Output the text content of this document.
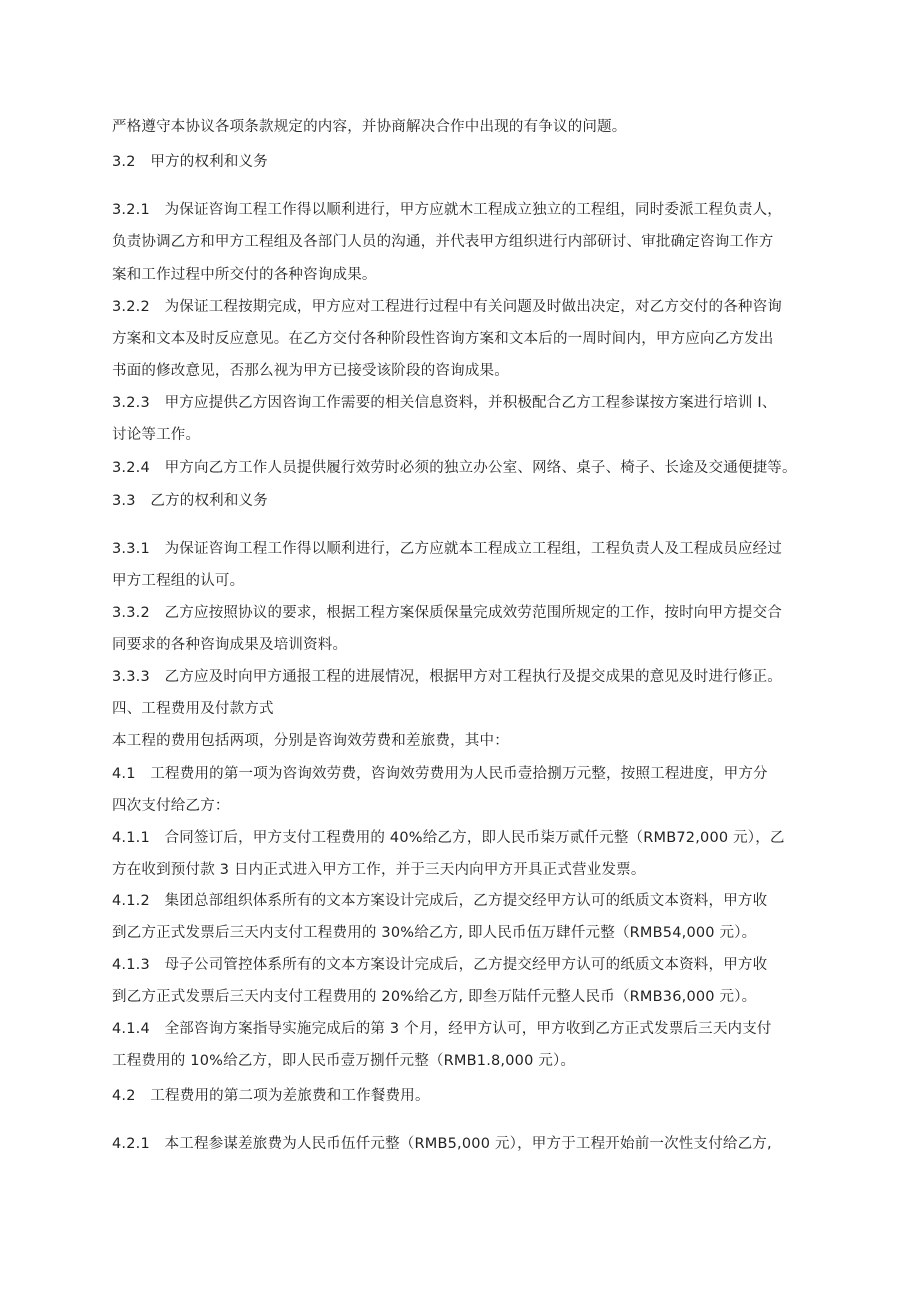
严格遵守本协议各项条款规定的内容，并协商解决合作中出现的有争议的问题。
3.2　甲方的权利和义务
3.2.1　为保证咨询工程工作得以顺利进行，甲方应就木工程成立独立的工程组，同时委派工程负责人，
负责协调乙方和甲方工程组及各部门人员的沟通，并代表甲方组织进行内部研讨、审批确定咨询工作方
案和工作过程中所交付的各种咨询成果。
3.2.2　为保证工程按期完成，甲方应对工程进行过程中有关问题及时做出决定，对乙方交付的各种咨询
方案和文本及时反应意见。在乙方交付各种阶段性咨询方案和文本后的一周时间内，甲方应向乙方发出
书面的修改意见，否那么视为甲方已接受该阶段的咨询成果。
3.2.3　甲方应提供乙方因咨询工作需要的相关信息资料，并积极配合乙方工程参谋按方案进行培训 I、
讨论等工作。
3.2.4　甲方向乙方工作人员提供履行效劳时必须的独立办公室、网络、桌子、椅子、长途及交通便捷等。
3.3　乙方的权利和义务
3.3.1　为保证咨询工程工作得以顺利进行，乙方应就本工程成立工程组，工程负责人及工程成员应经过
甲方工程组的认可。
3.3.2　乙方应按照协议的要求，根据工程方案保质保量完成效劳范围所规定的工作，按时向甲方提交合
同要求的各种咨询成果及培训资料。
3.3.3　乙方应及时向甲方通报工程的进展情况，根据甲方对工程执行及提交成果的意见及时进行修正。
四、工程费用及付款方式
本工程的费用包括两项，分别是咨询效劳费和差旅费，其中：
4.1　工程费用的第一项为咨询效劳费，咨询效劳费用为人民币壹拾捌万元整，按照工程进度，甲方分
四次支付给乙方：
4.1.1　合同签订后，甲方支付工程费用的 40%给乙方，即人民币柒万贰仟元整（RMB72,000 元），乙
方在收到预付款 3 日内正式进入甲方工作，并于三天内向甲方开具正式营业发票。
4.1.2　集团总部组织体系所有的文本方案设计完成后，乙方提交经甲方认可的纸质文本资料，甲方收
到乙方正式发票后三天内支付工程费用的 30%给乙方, 即人民币伍万肆仟元整（RMB54,000 元）。
4.1.3　母子公司管控体系所有的文本方案设计完成后，乙方提交经甲方认可的纸质文本资料，甲方收
到乙方正式发票后三天内支付工程费用的 20%给乙方, 即叁万陆仟元整人民币（RMB36,000 元）。
4.1.4　全部咨询方案指导实施完成后的第 3 个月，经甲方认可，甲方收到乙方正式发票后三天内支付
工程费用的 10%给乙方，即人民币壹万捌仟元整（RMB1.8,000 元）。
4.2　工程费用的第二项为差旅费和工作餐费用。
4.2.1　本工程参谋差旅费为人民币伍仟元整（RMB5,000 元），甲方于工程开始前一次性支付给乙方,
